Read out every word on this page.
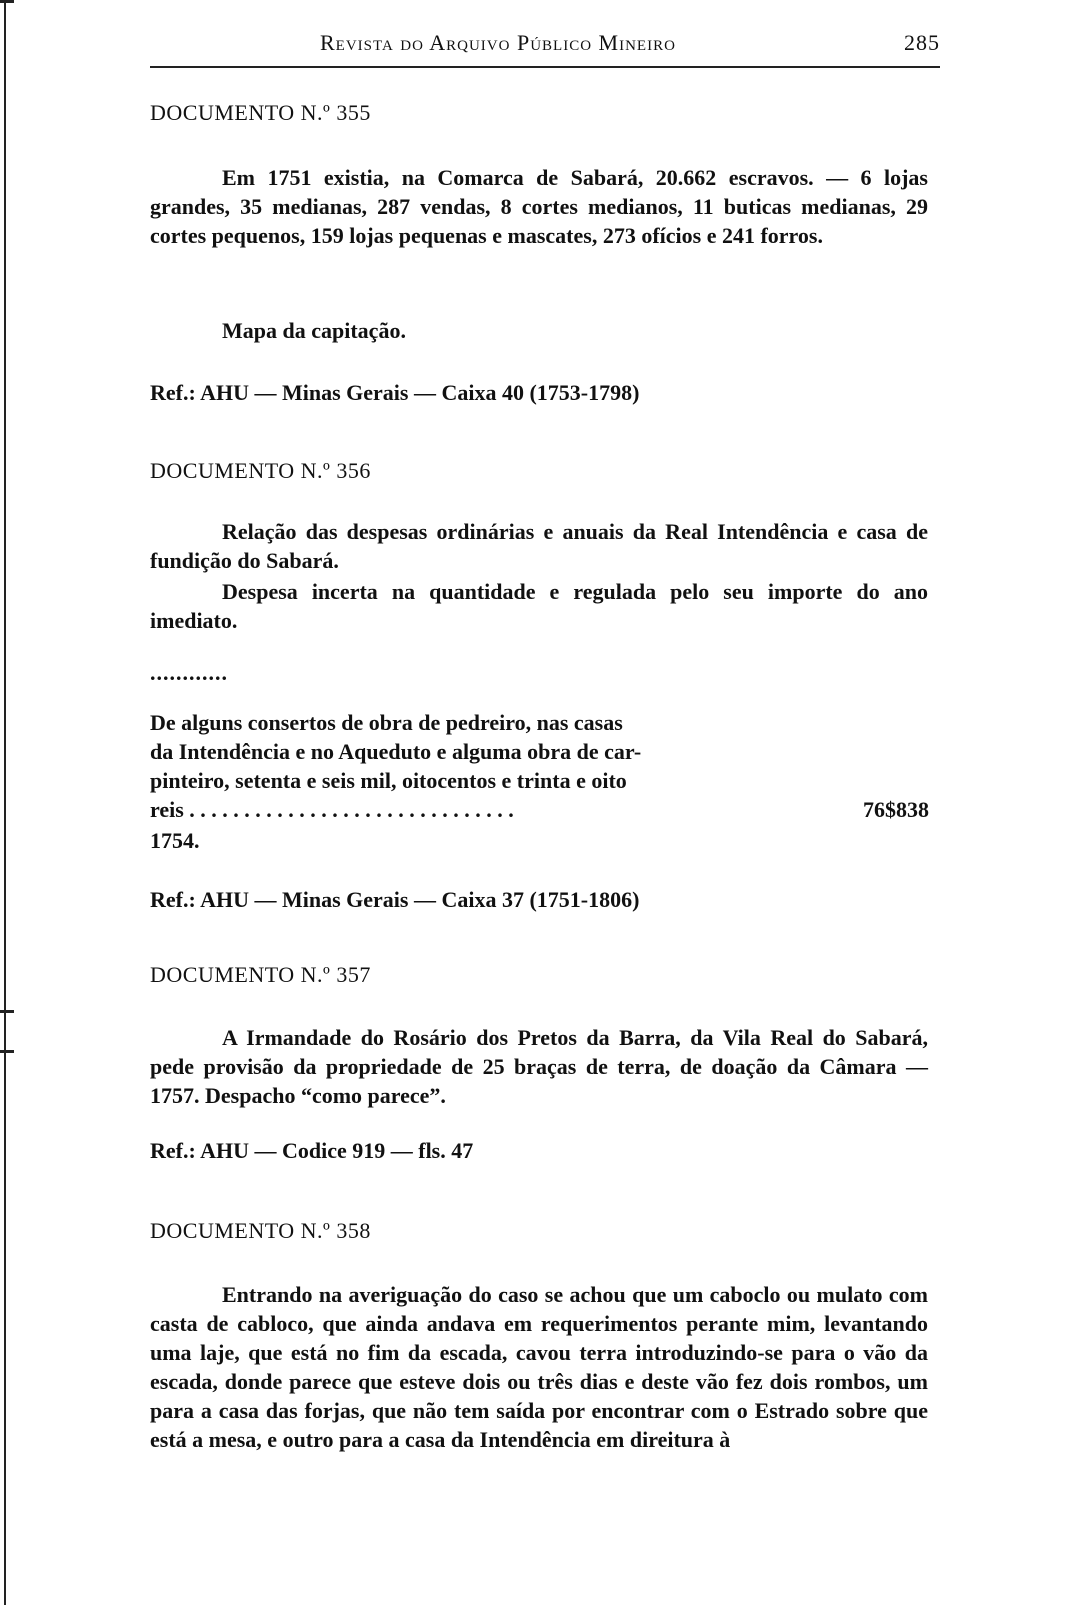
Revista do Arquivo Público Mineiro	285
DOCUMENTO N.º 355
Em 1751 existia, na Comarca de Sabará, 20.662 escravos. — 6 lojas grandes, 35 medianas, 287 vendas, 8 cortes medianos, 11 buticas medianas, 29 cortes pequenos, 159 lojas pequenas e mascates, 273 ofícios e 241 forros.
Mapa da capitação.
Ref.: AHU — Minas Gerais — Caixa 40 (1753-1798)
DOCUMENTO N.º 356
Relação das despesas ordinárias e anuais da Real Intendência e casa de fundição do Sabará.
Despesa incerta na quantidade e regulada pelo seu importe do ano imediato.
............
De alguns consertos de obra de pedreiro, nas casas
da Intendência e no Aqueduto e alguma obra de car-
pinteiro, setenta e seis mil, oitocentos e trinta e oito
reis . . . . . . . . . . . . . . . . . . . . . . . . . . . . . .	76$838
1754.
Ref.: AHU — Minas Gerais — Caixa 37 (1751-1806)
DOCUMENTO N.º 357
A Irmandade do Rosário dos Pretos da Barra, da Vila Real do Sabará, pede provisão da propriedade de 25 braças de terra, de doação da Câmara — 1757. Despacho “como parece”.
Ref.: AHU — Codice 919 — fls. 47
DOCUMENTO N.º 358
Entrando na averiguação do caso se achou que um caboclo ou mulato com casta de cabloco, que ainda andava em requerimentos perante mim, levantando uma laje, que está no fim da escada, cavou terra introduzindo-se para o vão da escada, donde parece que esteve dois ou três dias e deste vão fez dois rombos, um para a casa das forjas, que não tem saída por encontrar com o Estrado sobre que está a mesa, e outro para a casa da Intendência em direitura à
